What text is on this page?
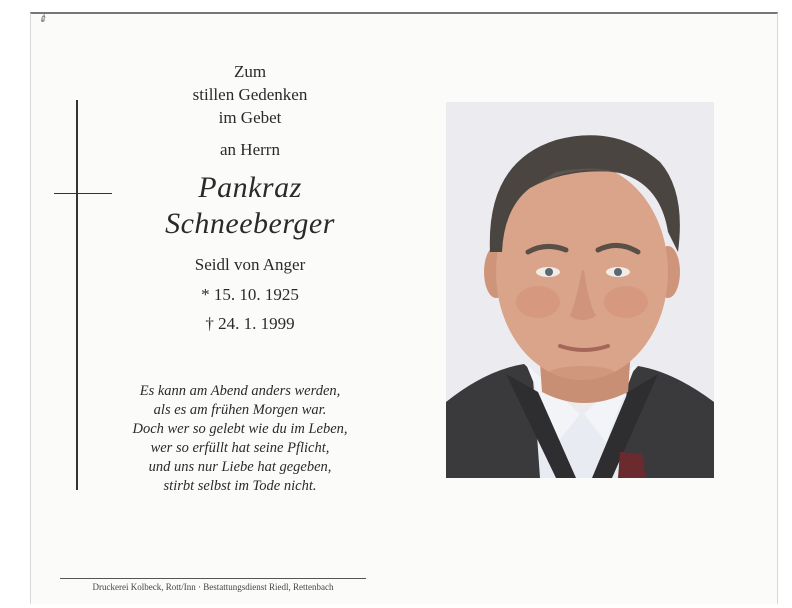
✐
Zum
stillen Gedenken
im Gebet
an Herrn
Pankraz
Schneeberger
Seidl von Anger
* 15. 10. 1925
† 24. 1. 1999
Es kann am Abend anders werden,
als es am frühen Morgen war.
Doch wer so gelebt wie du im Leben,
wer so erfüllt hat seine Pflicht,
und uns nur Liebe hat gegeben,
stirbt selbst im Tode nicht.
Druckerei Kolbeck, Rott/Inn · Bestattungsdienst Riedl, Rettenbach
